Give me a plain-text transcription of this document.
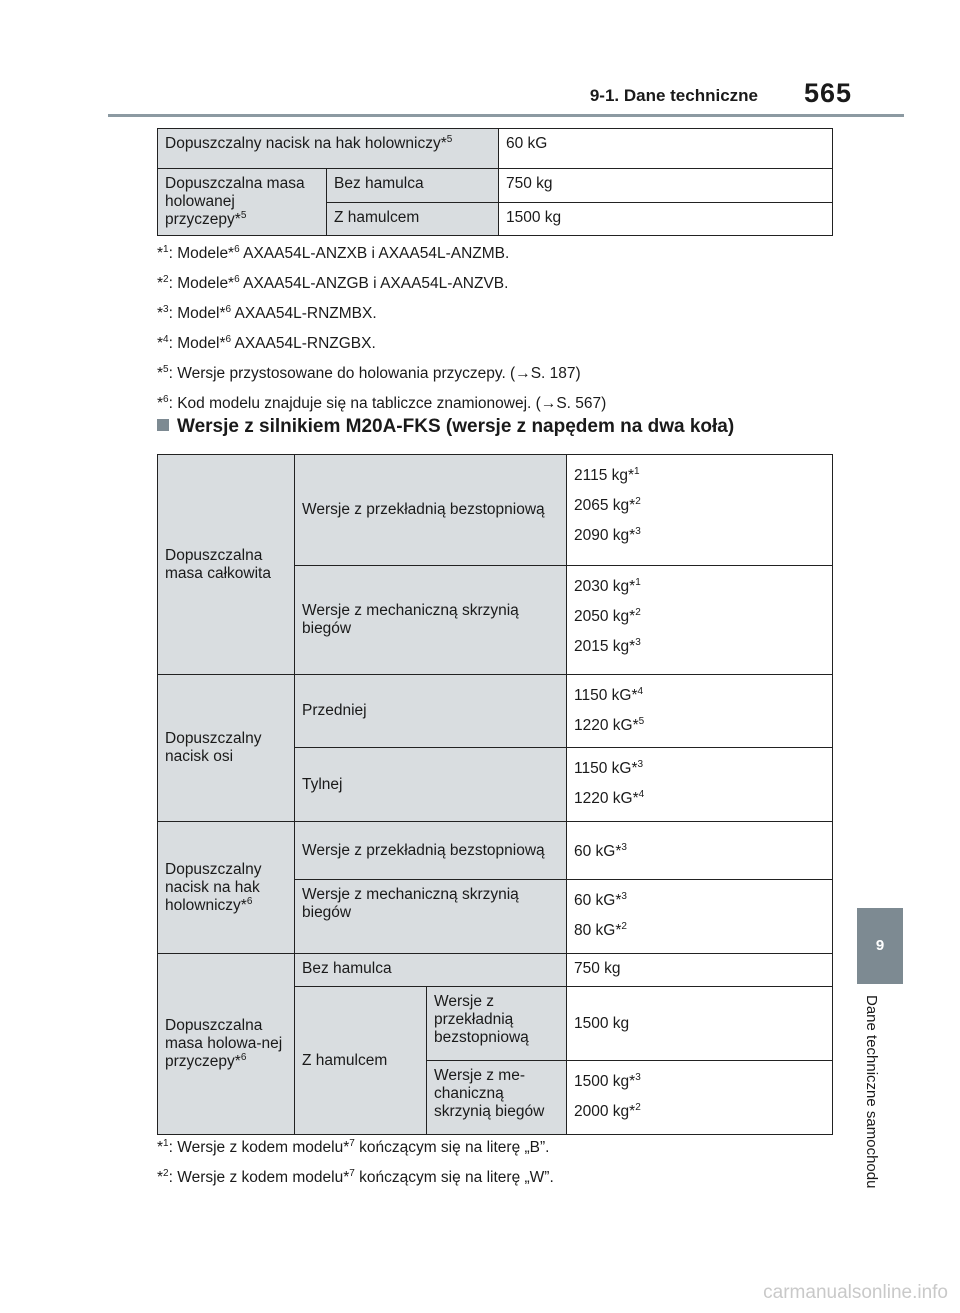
9-1. Dane techniczne 565
9
Dane techniczne samochodu
Dopuszczalny nacisk na hak holowniczy*$^5$		60 kG
Dopuszczalna masa holowanej przyczepy*$^5$	Bez hamulca	750 kg
	Z hamulcem	1500 kg

*$^1$: Modele*$^6$ AXAA54L-ANZXB i AXAA54L-ANZMB.

*$^2$: Modele*$^6$ AXAA54L-ANZGB i AXAA54L-ANZVB.

*$^3$: Model*$^6$ AXAA54L-RNZMBX.

*$^4$: Model*$^6$ AXAA54L-RNZGBX.

*$^5$: Wersje przystosowane do holowania przyczepy. (→S. 187)

*$^6$: Kod modelu znajduje się na tabliczce znamionowej. (→S. 567)

Wersje z silnikiem M20A-FKS (wersje z napędem na dwa koła)
Dopuszczalna masa całkowita	Wersje z przekładnią bezstopniową		2115 kg*$^1$
2065 kg*$^2$
2090 kg*$^3$

	Wersje z mechaniczną skrzynią biegów		2030 kg*$^1$
2050 kg*$^2$
2015 kg*$^3$

Dopuszczalny nacisk osi	Przedniej		1150 kG*$^4$
1220 kG*$^5$

	Tylnej		1150 kG*$^3$
1220 kG*$^4$

Dopuszczalny nacisk na hak holowniczy*$^6$	Wersje z przekładnią bezstopniową		60 kG*$^3$

	Wersje z mechaniczną skrzynią biegów		60 kG*$^3$
80 kG*$^2$

Dopuszczalna masa holowa-nej przyczepy*$^6$	Bez hamulca		750 kg
	Z hamulcem	Wersje z przekładnią bezstopniową	1500 kg
		Wersje z me-chaniczną skrzynią biegów	1500 kg*$^3$
2000 kg*$^2$

*$^1$: Wersje z kodem modelu*$^7$ kończącym się na literę „B”.

*$^2$: Wersje z kodem modelu*$^7$ kończącym się na literę „W”.

carmanualsonline.info
